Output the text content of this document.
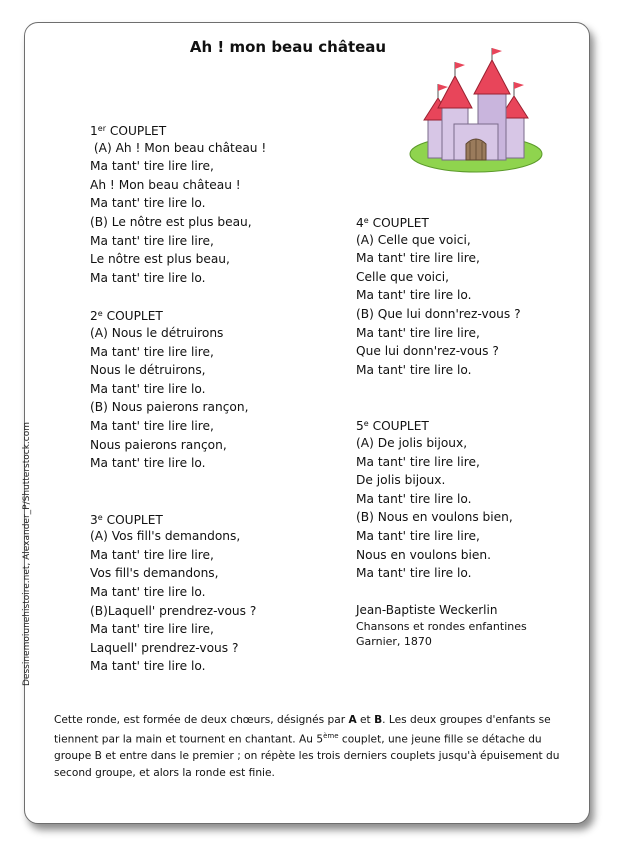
Ah ! mon beau château
1er COUPLET
(A) Ah ! Mon beau château !
Ma tant' tire lire lire,
Ah ! Mon beau château !
Ma tant' tire lire lo.
(B) Le nôtre est plus beau,
Ma tant' tire lire lire,
Le nôtre est plus beau,
Ma tant' tire lire lo.
2e COUPLET
(A) Nous le détruirons
Ma tant' tire lire lire,
Nous le détruirons,
Ma tant' tire lire lo.
(B) Nous paierons rançon,
Ma tant' tire lire lire,
Nous paierons rançon,
Ma tant' tire lire lo.
3e COUPLET
(A) Vos fill's demandons,
Ma tant' tire lire lire,
Vos fill's demandons,
Ma tant' tire lire lo.
(B)Laquell' prendrez-vous ?
Ma tant' tire lire lire,
Laquell' prendrez-vous ?
Ma tant' tire lire lo.
4e COUPLET
(A) Celle que voici,
Ma tant' tire lire lire,
Celle que voici,
Ma tant' tire lire lo.
(B) Que lui donn'rez-vous ?
Ma tant' tire lire lire,
Que lui donn'rez-vous ?
Ma tant' tire lire lo.
5e COUPLET
(A) De jolis bijoux,
Ma tant' tire lire lire,
De jolis bijoux.
Ma tant' tire lire lo.
(B) Nous en voulons bien,
Ma tant' tire lire lire,
Nous en voulons bien.
Ma tant' tire lire lo.
Jean-Baptiste Weckerlin
Chansons et rondes enfantines
Garnier, 1870
Dessinemoiunehistoire.net, Alexander_P/Shutterstock.com
Cette ronde, est formée de deux chœurs, désignés par A et B. Les deux groupes d'enfants se tiennent par la main et tournent en chantant. Au 5ème couplet, une jeune fille se détache du groupe B et entre dans le premier ; on répète les trois derniers couplets jusqu'à épuisement du second groupe, et alors la ronde est finie.
